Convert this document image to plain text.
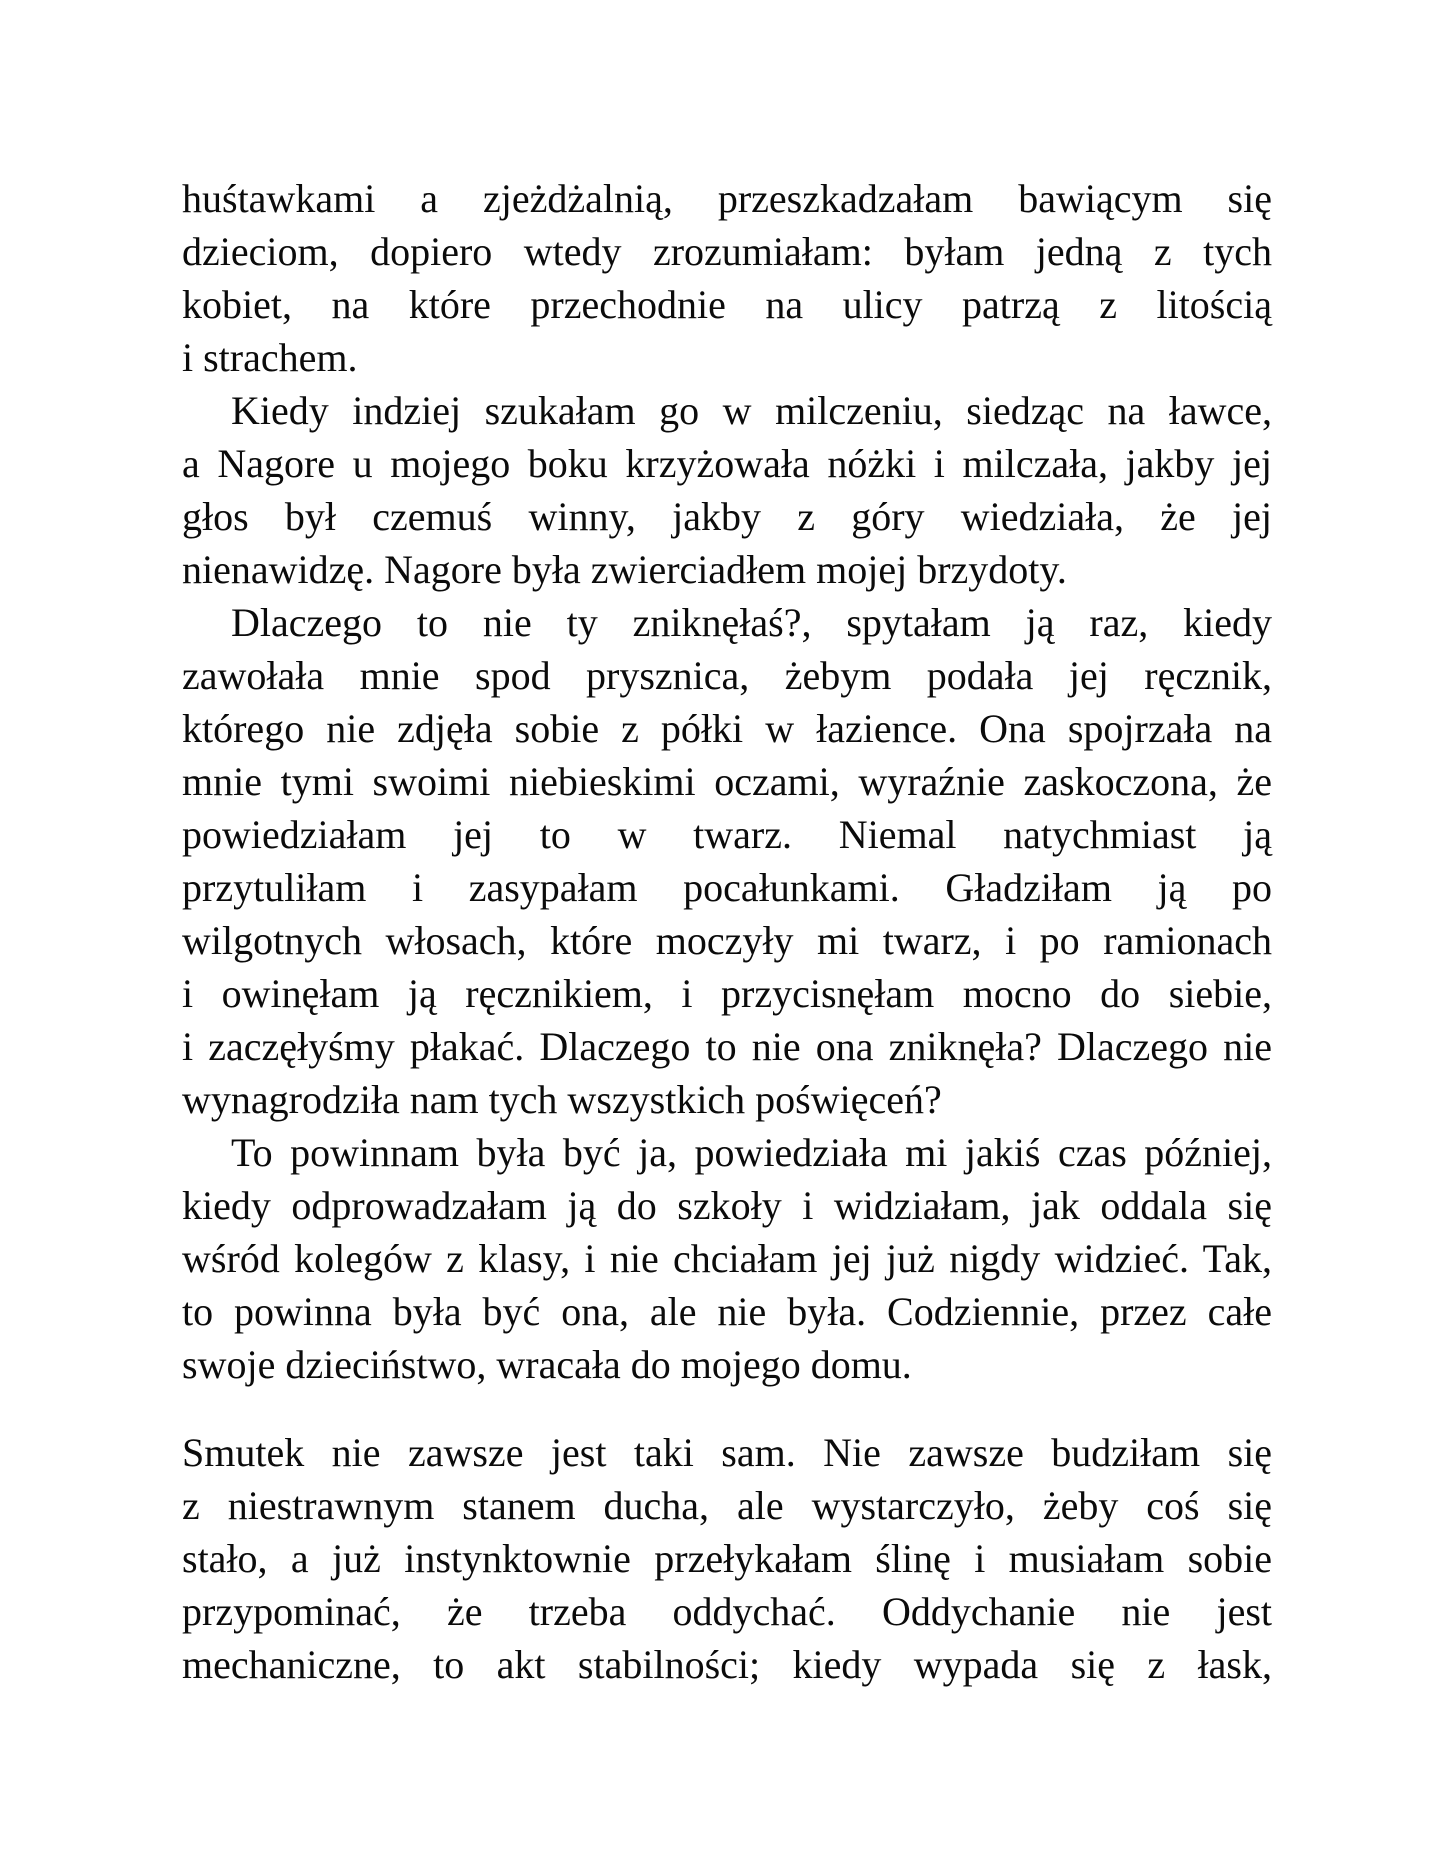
huśtawkami a zjeżdżalnią, przeszkadzałam bawiącym się
dzieciom, dopiero wtedy zrozumiałam: byłam jedną z tych
kobiet, na które przechodnie na ulicy patrzą z litością
i strachem.
Kiedy indziej szukałam go w milczeniu, siedząc na ławce,
a Nagore u mojego boku krzyżowała nóżki i milczała, jakby jej
głos był czemuś winny, jakby z góry wiedziała, że jej
nienawidzę. Nagore była zwierciadłem mojej brzydoty.
Dlaczego to nie ty zniknęłaś?, spytałam ją raz, kiedy
zawołała mnie spod prysznica, żebym podała jej ręcznik,
którego nie zdjęła sobie z półki w łazience. Ona spojrzała na
mnie tymi swoimi niebieskimi oczami, wyraźnie zaskoczona, że
powiedziałam jej to w twarz. Niemal natychmiast ją
przytuliłam i zasypałam pocałunkami. Gładziłam ją po
wilgotnych włosach, które moczyły mi twarz, i po ramionach
i owinęłam ją ręcznikiem, i przycisnęłam mocno do siebie,
i zaczęłyśmy płakać. Dlaczego to nie ona zniknęła? Dlaczego nie
wynagrodziła nam tych wszystkich poświęceń?
To powinnam była być ja, powiedziała mi jakiś czas później,
kiedy odprowadzałam ją do szkoły i widziałam, jak oddala się
wśród kolegów z klasy, i nie chciałam jej już nigdy widzieć. Tak,
to powinna była być ona, ale nie była. Codziennie, przez całe
swoje dzieciństwo, wracała do mojego domu.
Smutek nie zawsze jest taki sam. Nie zawsze budziłam się
z niestrawnym stanem ducha, ale wystarczyło, żeby coś się
stało, a już instynktownie przełykałam ślinę i musiałam sobie
przypominać, że trzeba oddychać. Oddychanie nie jest
mechaniczne, to akt stabilności; kiedy wypada się z łask,
